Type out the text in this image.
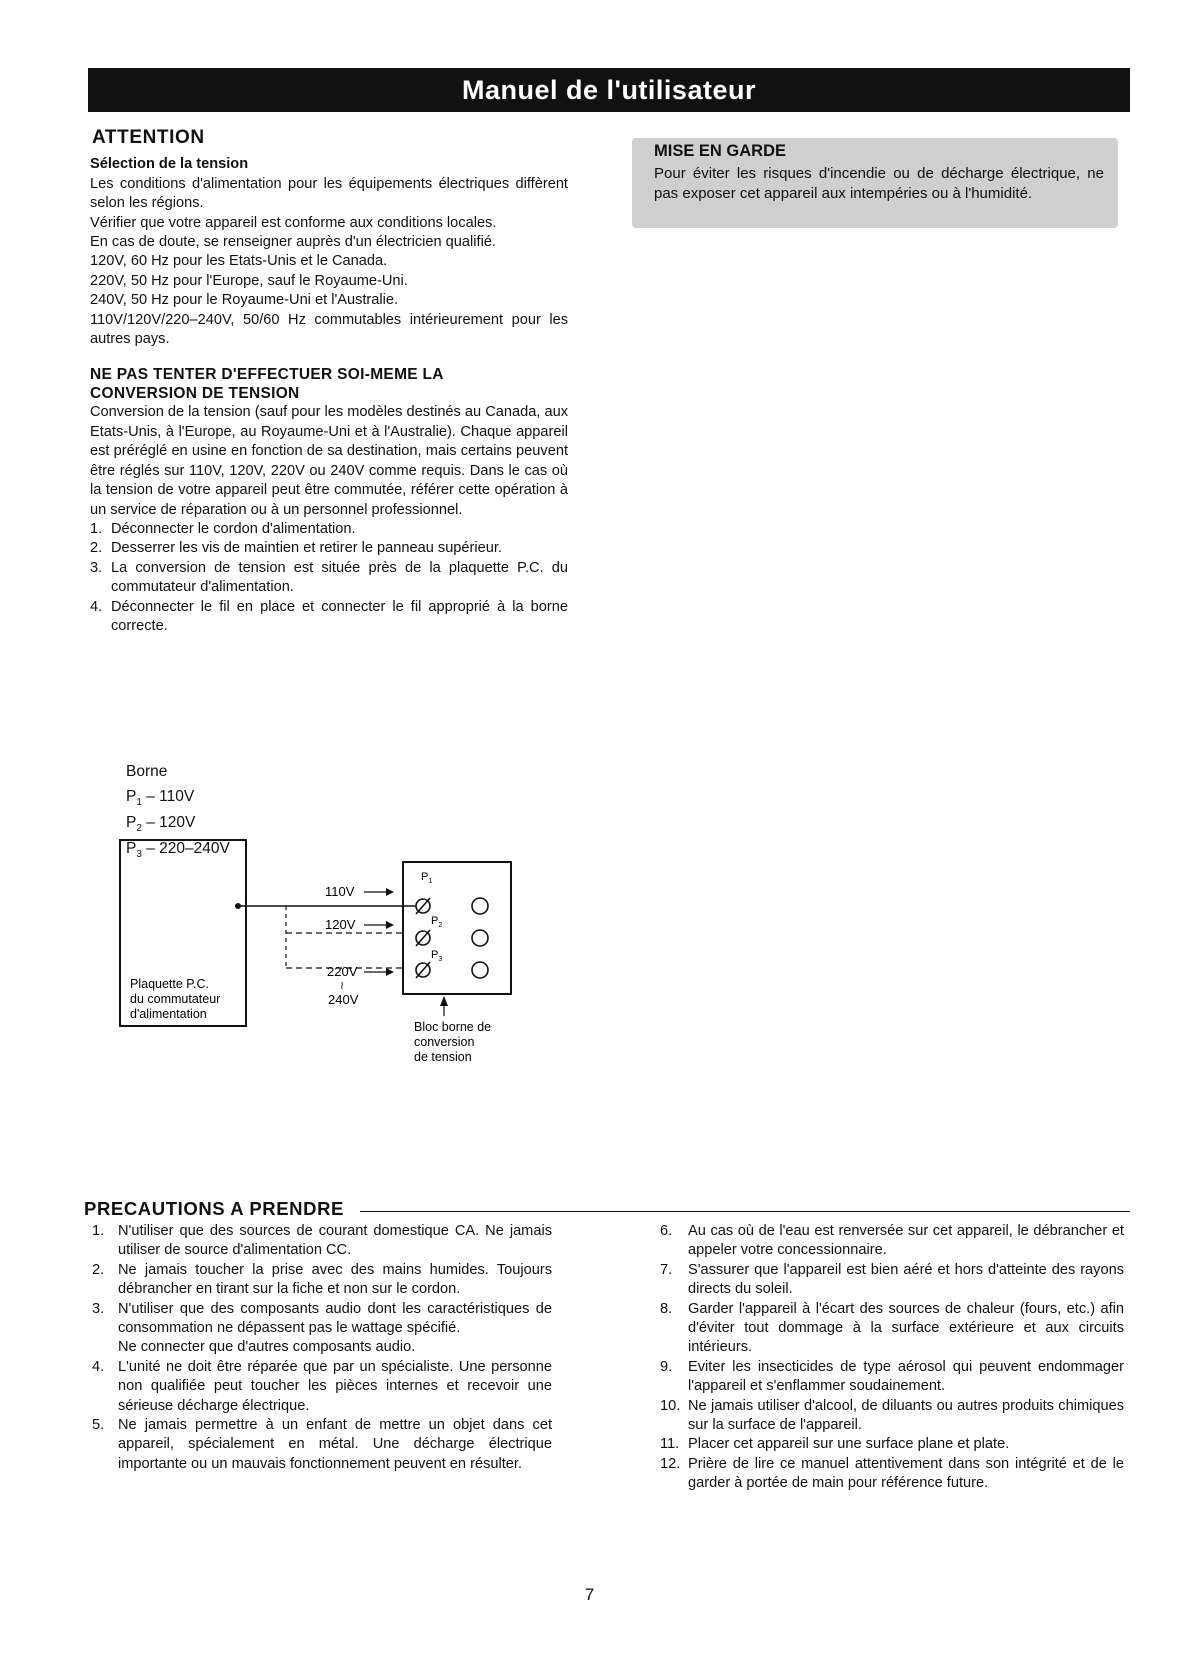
Manuel de l'utilisateur
ATTENTION
Sélection de la tension

Les conditions d'alimentation pour les équipements électriques diffèrent selon les régions.

Vérifier que votre appareil est conforme aux conditions locales.

En cas de doute, se renseigner auprès d'un électricien qualifié.

120V, 60 Hz pour les Etats-Unis et le Canada.

220V, 50 Hz pour l'Europe, sauf le Royaume-Uni.

240V, 50 Hz pour le Royaume-Uni et l'Australie.

110V/120V/220–240V, 50/60 Hz commutables intérieurement pour les autres pays.

NE PAS TENTER D'EFFECTUER SOI-MEME LA
CONVERSION DE TENSION

Conversion de la tension (sauf pour les modèles destinés au Canada, aux Etats-Unis, à l'Europe, au Royaume-Uni et à l'Australie). Chaque appareil est préréglé en usine en fonction de sa destination, mais certains peuvent être réglés sur 110V, 120V, 220V ou 240V comme requis. Dans le cas où la tension de votre appareil peut être commutée, référer cette opération à un service de réparation ou à un personnel professionnel.

1. Déconnecter le cordon d'alimentation.
2. Desserrer les vis de maintien et retirer le panneau supérieur.
3. La conversion de tension est située près de la plaquette P.C. du commutateur d'alimentation.
4. Déconnecter le fil en place et connecter le fil approprié à la borne correcte.
Borne
$P_1 - 110V$
$P_2 - 120V$
$P_3 - 220-240V$
Plaquette P.C.
du commutateur
d'alimentation
110V
120V
220V
≀
240V
$P_1$
$P_2$
$P_3$
Bloc borne de
conversion
de tension
MISE EN GARDE
Pour éviter les risques d'incendie ou de décharge électrique, ne pas exposer cet appareil aux intempéries ou à l'humidité.
PRECAUTIONS A PRENDRE
1. N'utiliser que des sources de courant domestique CA. Ne jamais utiliser de source d'alimentation CC.
2. Ne jamais toucher la prise avec des mains humides. Toujours débrancher en tirant sur la fiche et non sur le cordon.
3. N'utiliser que des composants audio dont les caractéristiques de consommation ne dépassent pas le wattage spécifié.
Ne connecter que d'autres composants audio.
4. L'unité ne doit être réparée que par un spécialiste. Une personne non qualifiée peut toucher les pièces internes et recevoir une sérieuse décharge électrique.
5. Ne jamais permettre à un enfant de mettre un objet dans cet appareil, spécialement en métal. Une décharge électrique importante ou un mauvais fonctionnement peuvent en résulter.
6. Au cas où de l'eau est renversée sur cet appareil, le débrancher et appeler votre concessionnaire.
7. S'assurer que l'appareil est bien aéré et hors d'atteinte des rayons directs du soleil.
8. Garder l'appareil à l'écart des sources de chaleur (fours, etc.) afin d'éviter tout dommage à la surface extérieure et aux circuits intérieurs.
9. Eviter les insecticides de type aérosol qui peuvent endommager l'appareil et s'enflammer soudainement.
10. Ne jamais utiliser d'alcool, de diluants ou autres produits chimiques sur la surface de l'appareil.
11. Placer cet appareil sur une surface plane et plate.
12. Prière de lire ce manuel attentivement dans son intégrité et de le garder à portée de main pour référence future.
7
